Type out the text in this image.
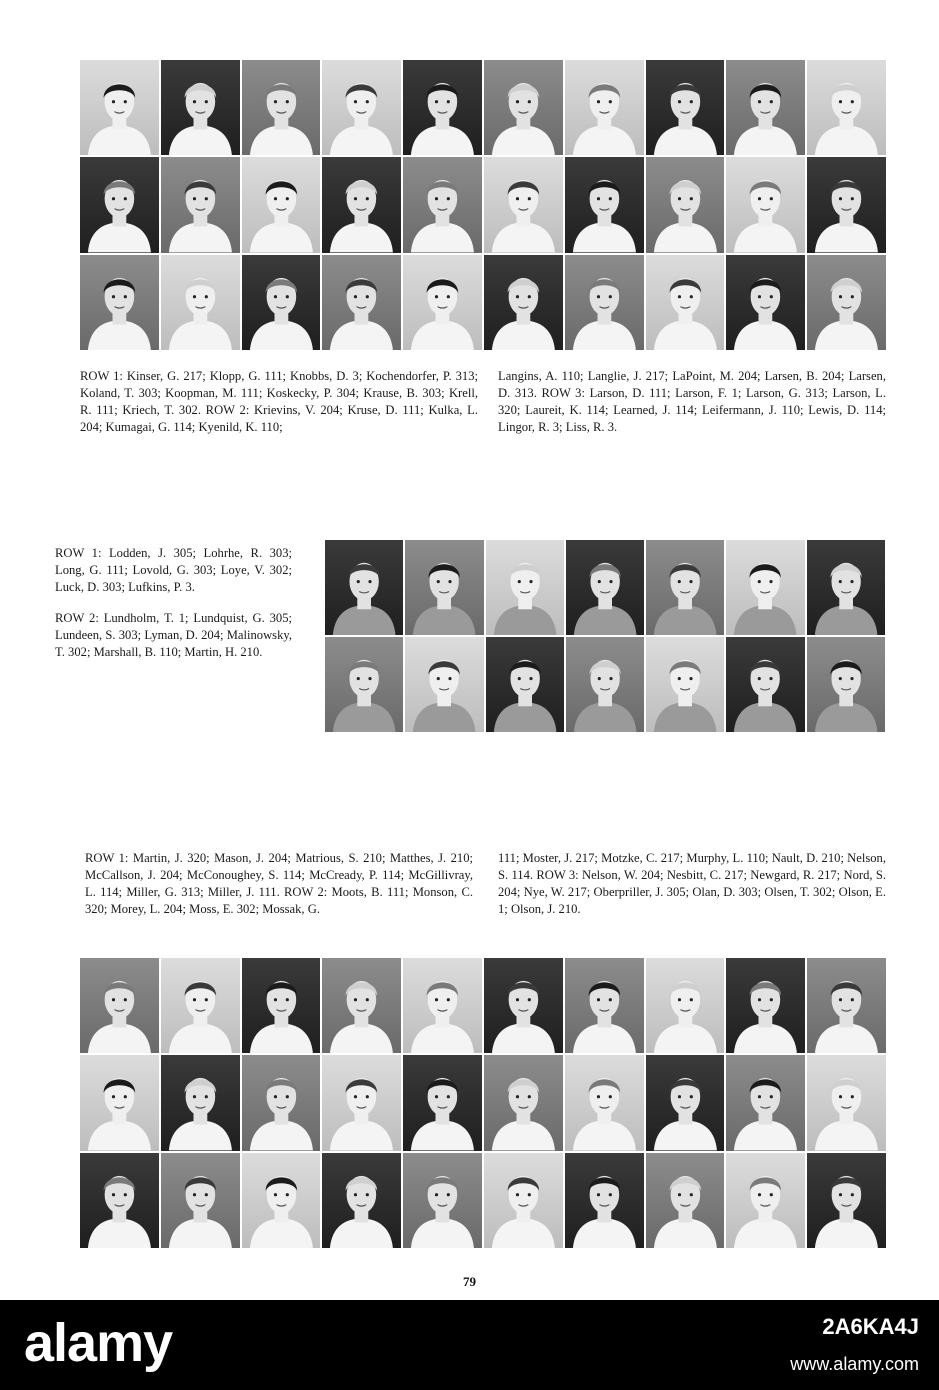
ROW 1: Kinser, G. 217; Klopp, G. 111; Knobbs, D. 3; Kochendorfer, P. 313; Koland, T. 303; Koopman, M. 111; Koskecky, P. 304; Krause, B. 303; Krell, R. 111; Kriech, T. 302. ROW 2: Krievins, V. 204; Kruse, D. 111; Kulka, L. 204; Kumagai, G. 114; Kyenild, K. 110;

Langins, A. 110; Langlie, J. 217; LaPoint, M. 204; Larsen, B. 204; Larsen, D. 313. ROW 3: Larson, D. 111; Larson, F. 1; Larson, G. 313; Larson, L. 320; Laureit, K. 114; Learned, J. 114; Leifermann, J. 110; Lewis, D. 114; Lingor, R. 3; Liss, R. 3.

ROW 1: Lodden, J. 305; Lohrhe, R. 303; Long, G. 111; Lovold, G. 303; Loye, V. 302; Luck, D. 303; Lufkins, P. 3.

ROW 2: Lundholm, T. 1; Lundquist, G. 305; Lundeen, S. 303; Lyman, D. 204; Malinowsky, T. 302; Marshall, B. 110; Martin, H. 210.

ROW 1: Martin, J. 320; Mason, J. 204; Matrious, S. 210; Matthes, J. 210; McCallson, J. 204; McConoughey, S. 114; McCready, P. 114; McGillivray, L. 114; Miller, G. 313; Miller, J. 111. ROW 2: Moots, B. 111; Monson, C. 320; Morey, L. 204; Moss, E. 302; Mossak, G.

111; Moster, J. 217; Motzke, C. 217; Murphy, L. 110; Nault, D. 210; Nelson, S. 114. ROW 3: Nelson, W. 204; Nesbitt, C. 217; Newgard, R. 217; Nord, S. 204; Nye, W. 217; Oberpriller, J. 305; Olan, D. 303; Olsen, T. 302; Olson, E. 1; Olson, J. 210.

79
alamy	2A6KA4J
www.alamy.com
